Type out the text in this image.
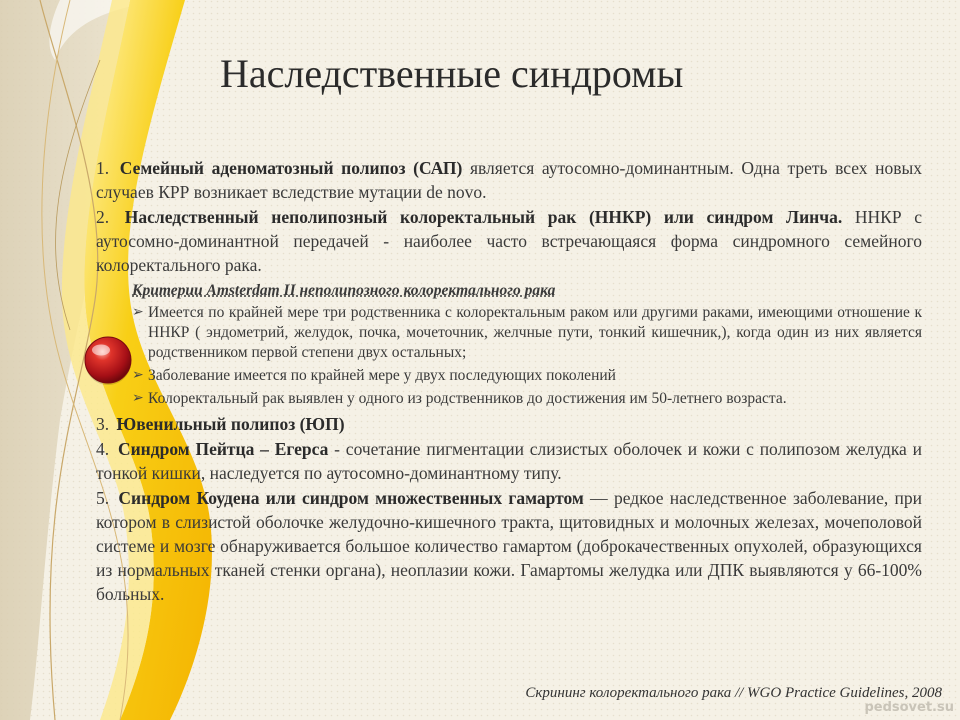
Наследственные синдромы
1. Семейный аденоматозный полипоз (САП) является аутосомно-доминантным. Одна треть всех новых случаев КРР возникает вследствие мутации de novo.
2. Наследственный неполипозный колоректальный рак (ННКР) или синдром Линча. ННКР с аутосомно-доминантной передачей - наиболее часто встречающаяся форма синдромного семейного колоректального рака.
Критерии Amsterdam II неполипозного колоректального рака
➢ Имеется по крайней мере три родственника с колоректальным раком или другими раками, имеющими отношение к ННКР ( эндометрий, желудок, почка, мочеточник, желчные пути, тонкий кишечник,), когда один из них является родственником первой степени двух остальных;
➢ Заболевание имеется по крайней мере у двух последующих поколений
➢ Колоректальный рак выявлен у одного из родственников до достижения им 50-летнего возраста.
3. Ювенильный полипоз (ЮП)
4. Синдром Пейтца – Егерса - сочетание пигментации слизистых оболочек и кожи с полипозом желудка и тонкой кишки, наследуется по аутосомно-доминантному типу.
5. Синдром Коудена или синдром множественных гамартом — редкое наследственное заболевание, при котором в слизистой оболочке желудочно-кишечного тракта, щитовидных и молочных железах, мочеполовой системе и мозге обнаруживается большое количество гамартом (доброкачественных опухолей, образующихся из нормальных тканей стенки органа), неоплазии кожи. Гамартомы желудка или ДПК выявляются у 66-100% больных.
Скрининг колоректального рака // WGO Practice Guidelines, 2008
pedsovet.su
